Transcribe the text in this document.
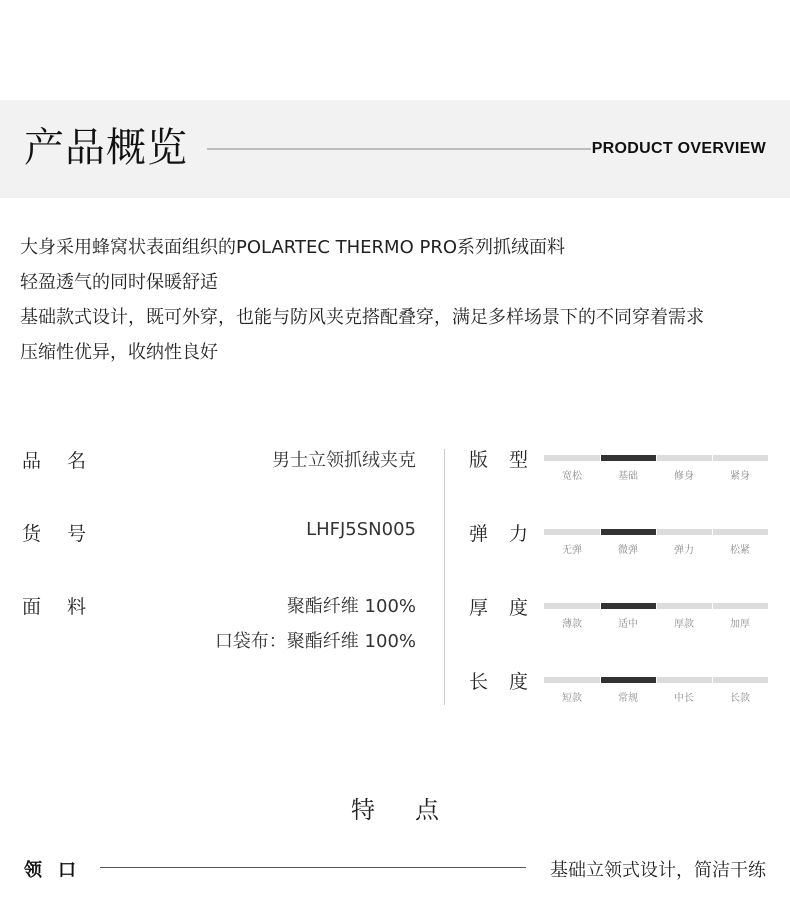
产品概览	PRODUCT OVERVIEW
大身采用蜂窝状表面组织的POLARTEC THERMO PRO系列抓绒面料
轻盈透气的同时保暖舒适
基础款式设计，既可外穿，也能与防风夹克搭配叠穿，满足多样场景下的不同穿着需求
压缩性优异，收纳性良好
品 名	男士立领抓绒夹克
货 号	LHFJ5SN005
面 料	聚酯纤维 100%
口袋布：聚酯纤维 100%
版 型
宽松	基础	修身	紧身
弹 力
无弹	微弹	弹力	松紧
厚 度
薄款	适中	厚款	加厚
长 度
短款	常规	中长	长款
特点
领 口	基础立领式设计，简洁干练
